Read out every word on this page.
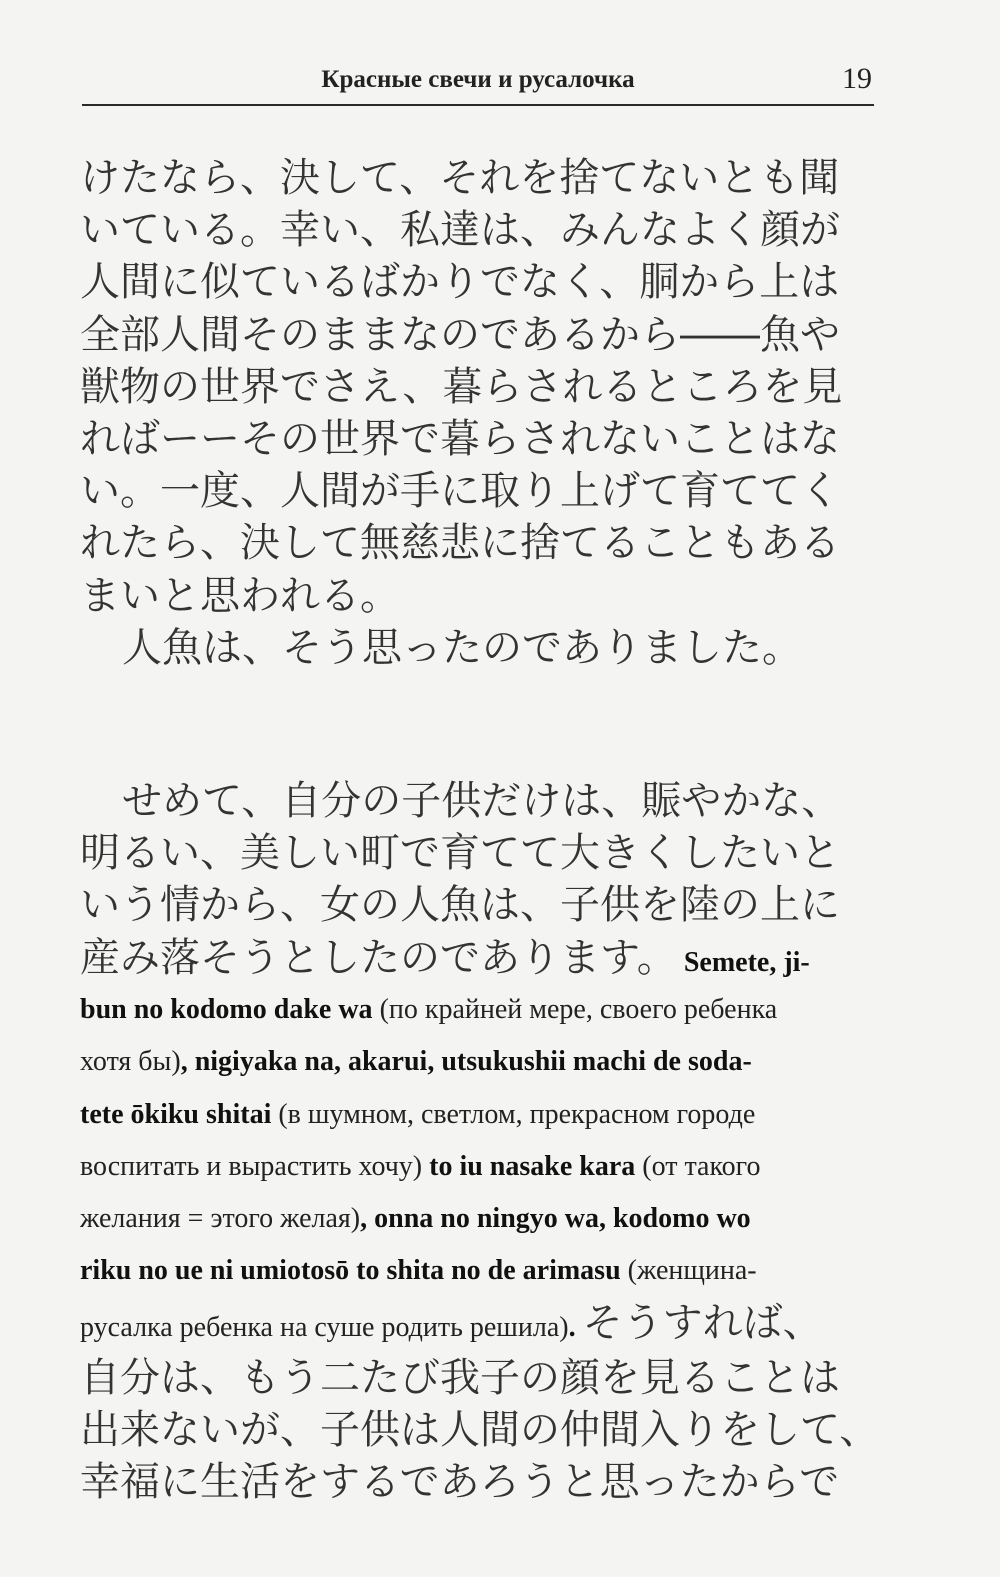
Красные свечи и русалочка	19
けたなら、決して、それを捨てないとも聞
いている。幸い、私達は、みんなよく顔が
人間に似ているばかりでなく、胴から上は
全部人間そのままなのであるから――魚や
獣物の世界でさえ、暮らされるところを見
ればーーその世界で暮らされないことはな
い。一度、人間が手に取り上げて育ててく
れたら、決して無慈悲に捨てることもある
まいと思われる。
人魚は、そう思ったのでありました。
せめて、自分の子供だけは、賑やかな、
明るい、美しい町で育てて大きくしたいと
いう情から、女の人魚は、子供を陸の上に
産み落そうとしたのであります。 Semete, ji-
bun no kodomo dake wa (по крайней мере, своего ребенка
хотя бы), nigiyaka na, akarui, utsukushii machi de soda-
tete ōkiku shitai (в шумном, светлом, прекрасном городе
воспитать и вырастить хочу) to iu nasake kara (от такого
желания = этого желая), onna no ningyo wa, kodomo wo
riku no ue ni umiotosō to shita no de arimasu (женщина-
русалка ребенка на суше родить решила). そうすれば、
自分は、もう二たび我子の顔を見ることは
出来ないが、子供は人間の仲間入りをして、
幸福に生活をするであろうと思ったからで
